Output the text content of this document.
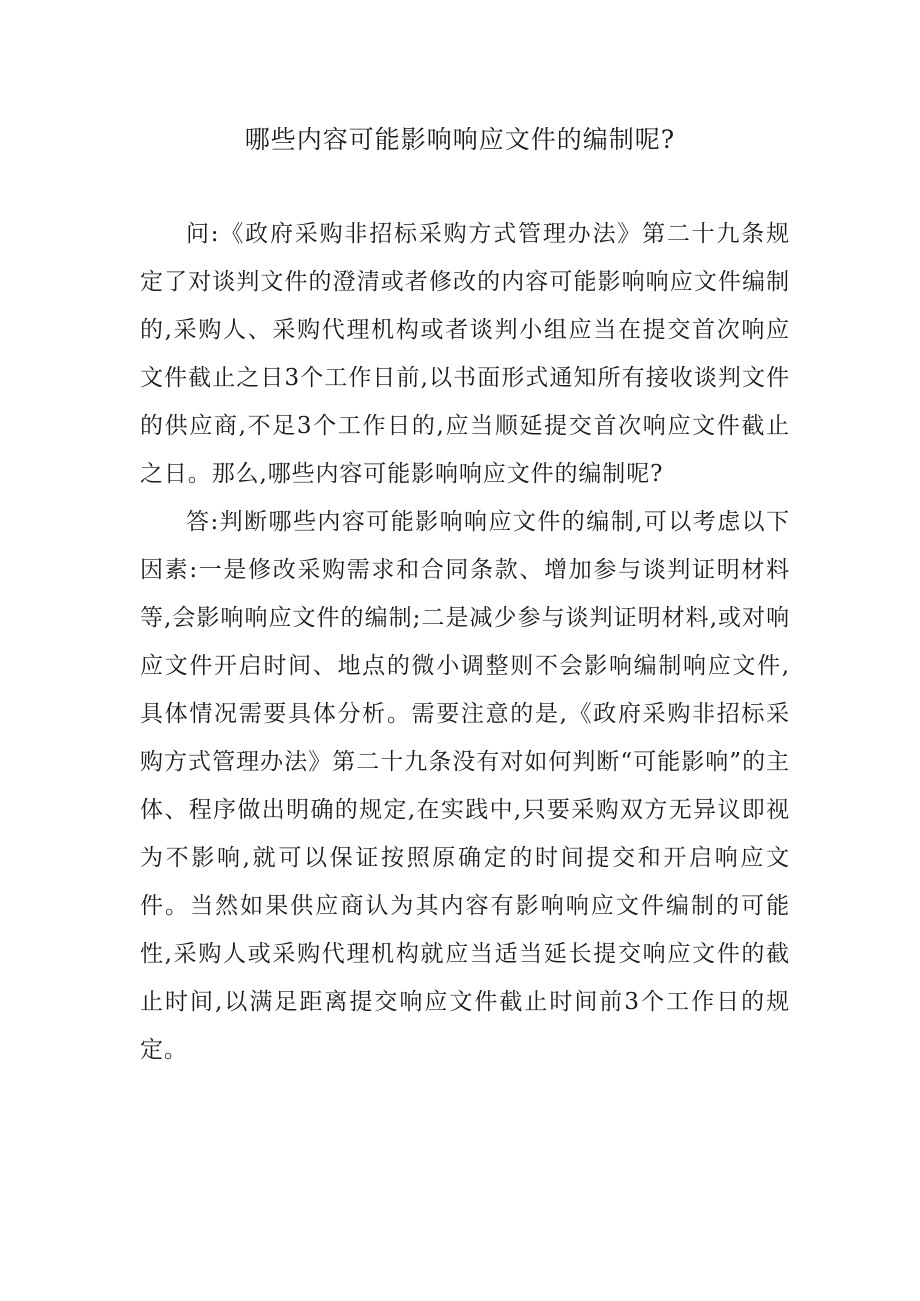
哪些内容可能影响响应文件的编制呢?

问:《政府采购非招标采购方式管理办法》第二十九条规定了对谈判文件的澄清或者修改的内容可能影响响应文件编制的,采购人、采购代理机构或者谈判小组应当在提交首次响应文件截止之日3个工作日前,以书面形式通知所有接收谈判文件的供应商,不足3个工作日的,应当顺延提交首次响应文件截止之日。那么,哪些内容可能影响响应文件的编制呢?

答:判断哪些内容可能影响响应文件的编制,可以考虑以下因素:一是修改采购需求和合同条款、增加参与谈判证明材料等,会影响响应文件的编制;二是减少参与谈判证明材料,或对响应文件开启时间、地点的微小调整则不会影响编制响应文件,具体情况需要具体分析。需要注意的是,《政府采购非招标采购方式管理办法》第二十九条没有对如何判断“可能影响”的主体、程序做出明确的规定,在实践中,只要采购双方无异议即视为不影响,就可以保证按照原确定的时间提交和开启响应文件。当然如果供应商认为其内容有影响响应文件编制的可能性,采购人或采购代理机构就应当适当延长提交响应文件的截止时间,以满足距离提交响应文件截止时间前3个工作日的规定。
